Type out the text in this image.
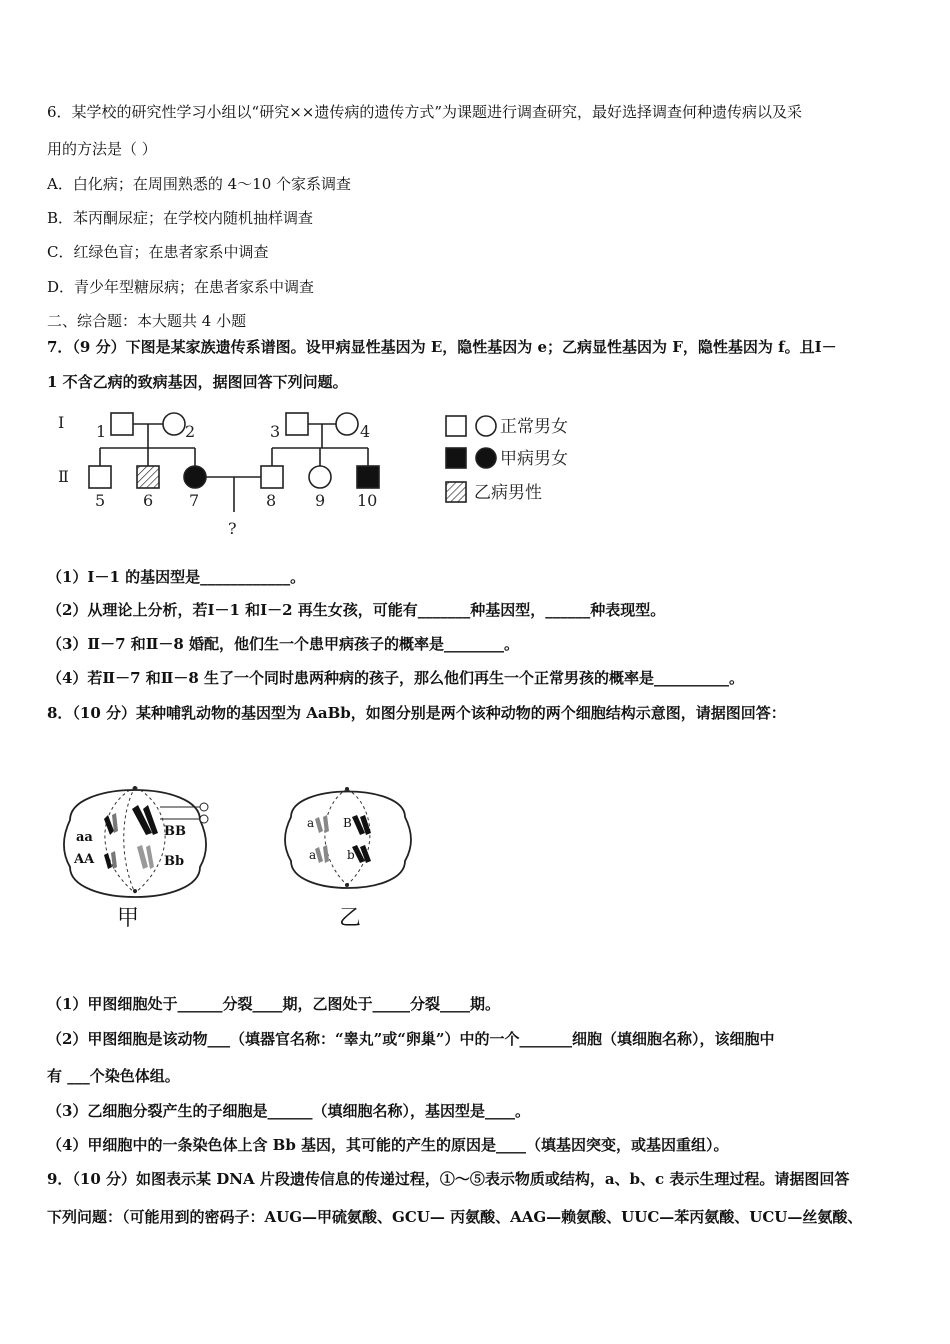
6．某学校的研究性学习小组以“研究××遗传病的遗传方式”为课题进行调查研究，最好选择调查何种遗传病以及采
用的方法是（ ）
A．白化病；在周围熟悉的 4～10 个家系调查
B．苯丙酮尿症；在学校内随机抽样调查
C．红绿色盲；在患者家系中调查
D．青少年型糖尿病；在患者家系中调查
二、综合题：本大题共 4 小题
7．（9 分）下图是某家族遗传系谱图。设甲病显性基因为 E，隐性基因为 e；乙病显性基因为 F，隐性基因为 f。且Ⅰ－
1 不含乙病的致病基因，据图回答下列问题。
Ⅰ
Ⅱ
1	2	3	4
5 6 7	8 9 10
?
正常男女
甲病男女
乙病男性
（1）Ⅰ－1 的基因型是____________。
（2）从理论上分析，若Ⅰ－1 和Ⅰ－2 再生女孩，可能有_______种基因型，______种表现型。
（3）Ⅱ－7 和Ⅱ－8 婚配，他们生一个患甲病孩子的概率是________。
（4）若Ⅱ－7 和Ⅱ－8 生了一个同时患两种病的孩子，那么他们再生一个正常男孩的概率是__________。
8．（10 分）某种哺乳动物的基因型为 AaBb，如图分别是两个该种动物的两个细胞结构示意图，请据图回答：
aa	BB
AA	Bb
甲
a B
a	b
乙
（1）甲图细胞处于______分裂____期，乙图处于_____分裂____期。
（2）甲图细胞是该动物___（填器官名称：“睾丸”或“卵巢”）中的一个_______细胞（填细胞名称），该细胞中
有 ___个染色体组。
（3）乙细胞分裂产生的子细胞是______（填细胞名称），基因型是____。
（4）甲细胞中的一条染色体上含 Bb 基因，其可能的产生的原因是____（填基因突变，或基因重组）。
9．（10 分）如图表示某 DNA 片段遗传信息的传递过程，①～⑤表示物质或结构，a、b、c 表示生理过程。请据图回答
下列问题：（可能用到的密码子：AUG—甲硫氨酸、GCU— 丙氨酸、AAG—赖氨酸、UUC—苯丙氨酸、UCU—丝氨酸、
